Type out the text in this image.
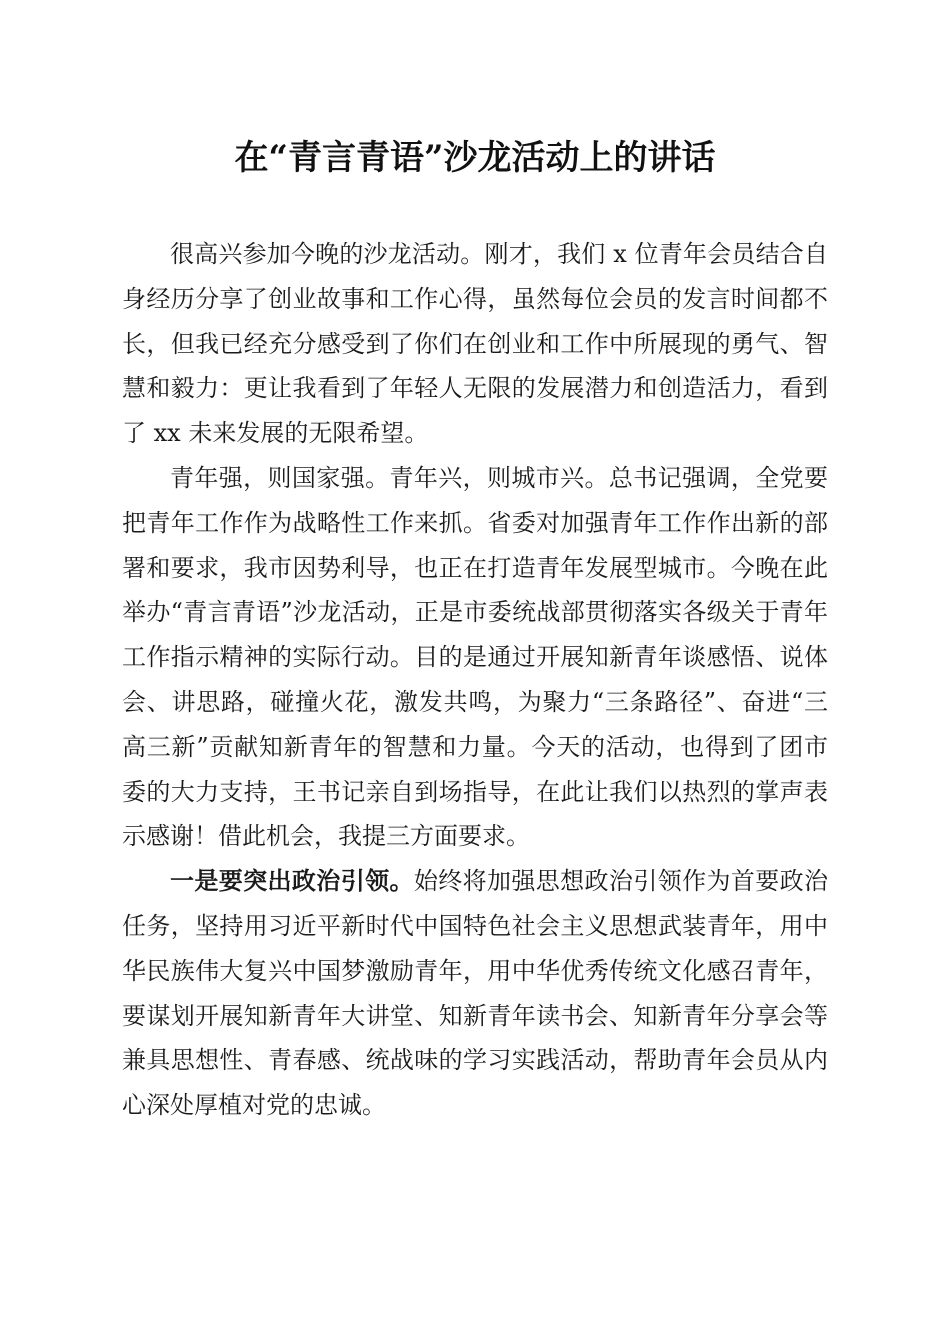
在“青言青语”沙龙活动上的讲话

很高兴参加今晚的沙龙活动。刚才，我们 x 位青年会员结合自身经历分享了创业故事和工作心得，虽然每位会员的发言时间都不长，但我已经充分感受到了你们在创业和工作中所展现的勇气、智慧和毅力：更让我看到了年轻人无限的发展潜力和创造活力，看到了 xx 未来发展的无限希望。

青年强，则国家强。青年兴，则城市兴。总书记强调，全党要把青年工作作为战略性工作来抓。省委对加强青年工作作出新的部署和要求，我市因势利导，也正在打造青年发展型城市。今晚在此举办“青言青语”沙龙活动，正是市委统战部贯彻落实各级关于青年工作指示精神的实际行动。目的是通过开展知新青年谈感悟、说体会、讲思路，碰撞火花，激发共鸣，为聚力“三条路径”、奋进“三高三新”贡献知新青年的智慧和力量。今天的活动，也得到了团市委的大力支持，王书记亲自到场指导，在此让我们以热烈的掌声表示感谢！借此机会，我提三方面要求。

一是要突出政治引领。始终将加强思想政治引领作为首要政治任务，坚持用习近平新时代中国特色社会主义思想武装青年，用中华民族伟大复兴中国梦激励青年，用中华优秀传统文化感召青年，要谋划开展知新青年大讲堂、知新青年读书会、知新青年分享会等兼具思想性、青春感、统战味的学习实践活动，帮助青年会员从内心深处厚植对党的忠诚。
